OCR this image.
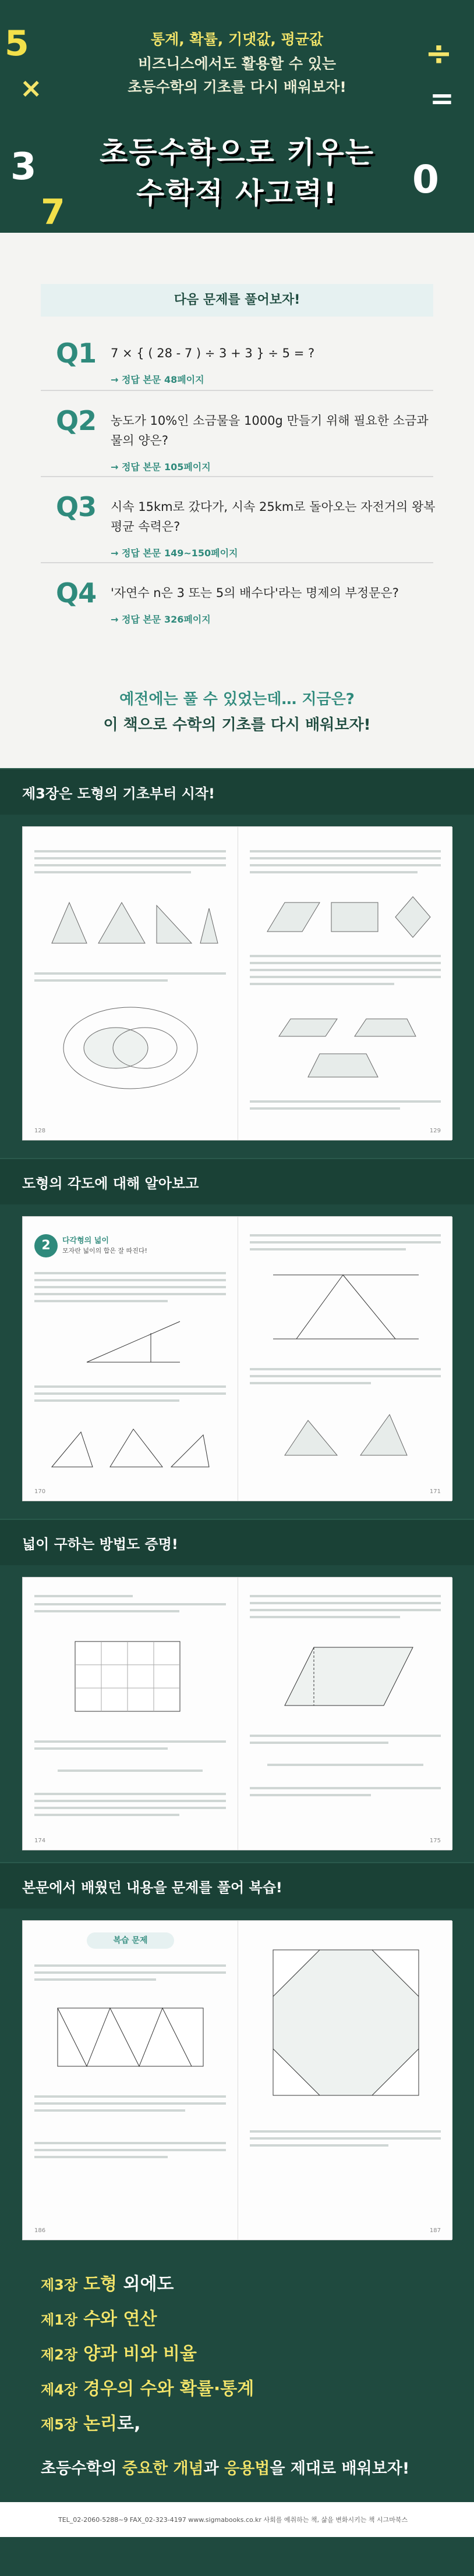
5
×
3
7
÷
=
0
통계, 확률, 기댓값, 평균값
비즈니스에서도 활용할 수 있는
초등수학의 기초를 다시 배워보자!
초등수학으로 키우는
수학적 사고력!
다음 문제를 풀어보자!
Q1 7 × { ( 28 - 7 ) ÷ 3 + 3 } ÷ 5 = ?
→ 정답 본문 48페이지
Q2 농도가 10%인 소금물을 1000g 만들기 위해 필요한 소금과 물의 양은?
→ 정답 본문 105페이지
Q3 시속 15km로 갔다가, 시속 25km로 돌아오는 자전거의 왕복 평균 속력은?
→ 정답 본문 149~150페이지
Q4 '자연수 n은 3 또는 5의 배수다'라는 명제의 부정문은?
→ 정답 본문 326페이지
예전에는 풀 수 있었는데… 지금은?
이 책으로 수학의 기초를 다시 배워보자!
제3장은 도형의 기초부터 시작!
128	129
도형의 각도에 대해 알아보고
2	다각형의 넓이
모자란 넓이의 합은 잘 따진다!
170	171
넓이 구하는 방법도 증명!
174	175
본문에서 배웠던 내용을 문제를 풀어 복습!
복습 문제
186	187
제3장 도형 외에도
제1장 수와 연산
제2장 양과 비와 비율
제4장 경우의 수와 확률·통계
제5장 논리로,
초등수학의 중요한 개념과 응용법을 제대로 배워보자!
TEL_02-2060-5288~9 FAX_02-323-4197 www.sigmabooks.co.kr 사회를 예취하는 책, 삶을 변화시키는 책 시그마북스
